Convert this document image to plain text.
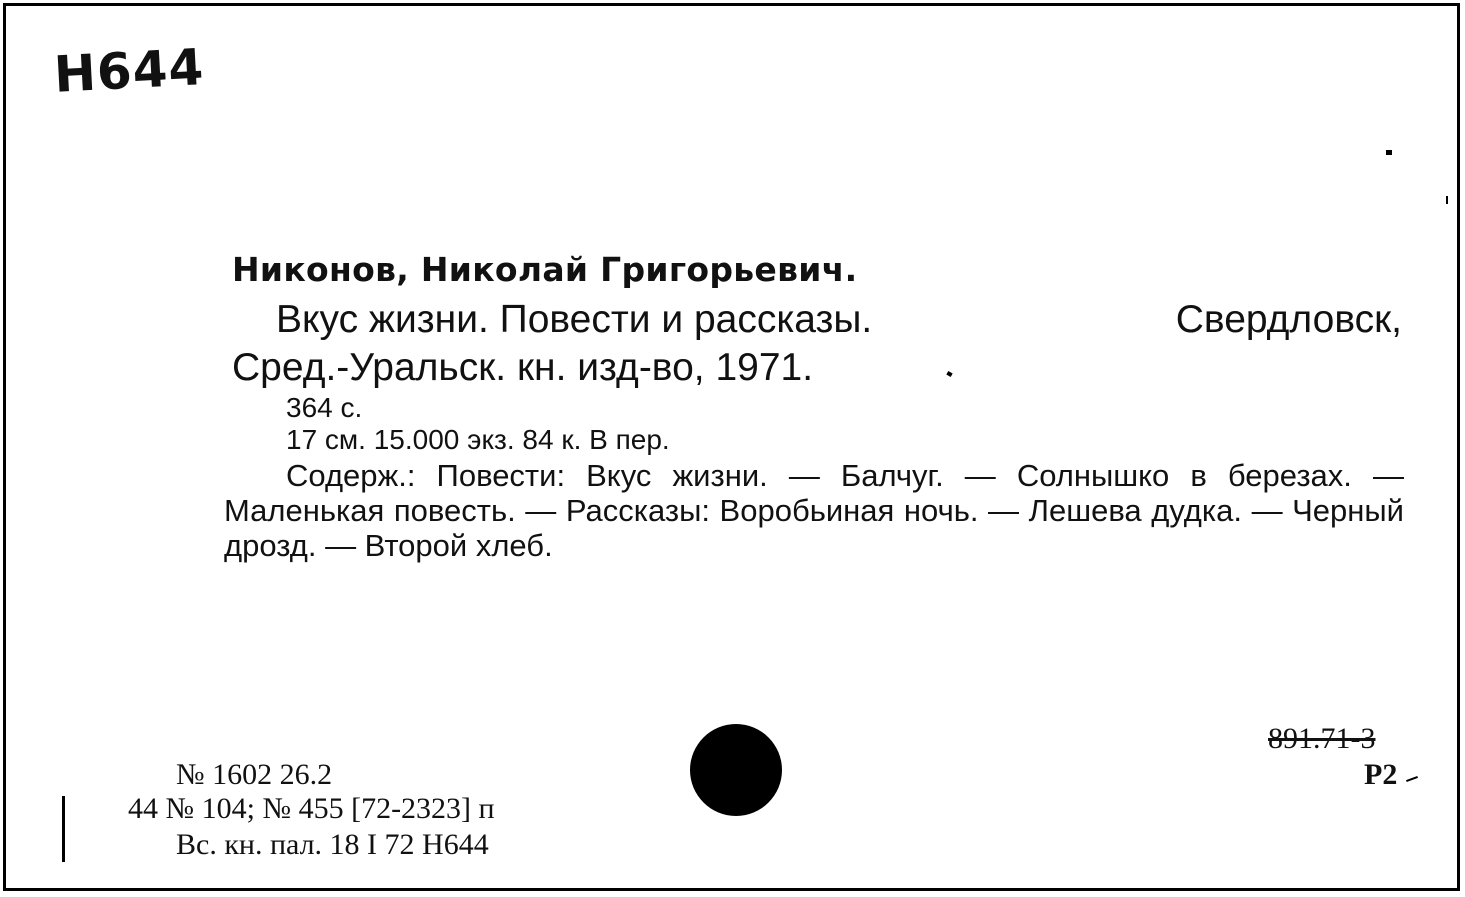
Н644
Никонов, Николай Григорьевич.
Вкус жизни. Повести и рассказы.	Свердловск,
Сред.-Уральск. кн. изд-во, 1971.
364 с.
17 см. 15.000 экз. 84 к. В пер.
Содерж.: Повести: Вкус жизни. — Балчуг. — Солнышко в березах. — Маленькая повесть. — Рассказы: Воробьиная ночь. — Лешева дудка. — Черный дрозд. — Второй хлеб.
№ 1602 26.2
44 № 104; № 455 [72-2323] п
Вс. кн. пал. 18 I 72 Н644
891.71-3
Р2
